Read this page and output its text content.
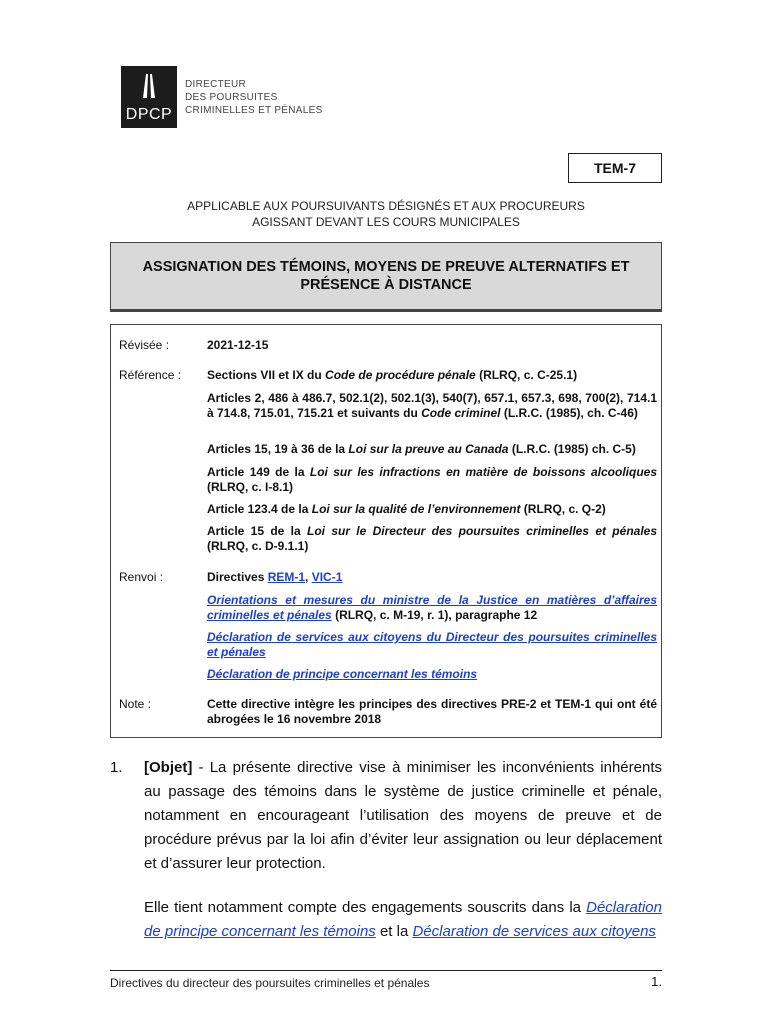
DPCP
DIRECTEUR
DES POURSUITES
CRIMINELLES ET PÉNALES
TEM-7
APPLICABLE AUX POURSUIVANTS DÉSIGNÉS ET AUX PROCUREURS
AGISSANT DEVANT LES COURS MUNICIPALES
ASSIGNATION DES TÉMOINS, MOYENS DE PREUVE ALTERNATIFS ET
PRÉSENCE À DISTANCE
Révisée :	2021-12-15
Référence :	Sections VII et IX du Code de procédure pénale (RLRQ, c. C-25.1)
Articles 2, 486 à 486.7, 502.1(2), 502.1(3), 540(7), 657.1, 657.3, 698, 700(2), 714.1 à 714.8, 715.01, 715.21 et suivants du Code criminel (L.R.C. (1985), ch. C-46)
Articles 15, 19 à 36 de la Loi sur la preuve au Canada (L.R.C. (1985) ch. C-5)
Article 149 de la Loi sur les infractions en matière de boissons alcooliques (RLRQ, c. I-8.1)
Article 123.4 de la Loi sur la qualité de l’environnement (RLRQ, c. Q-2)
Article 15 de la Loi sur le Directeur des poursuites criminelles et pénales (RLRQ, c. D-9.1.1)
Renvoi :	Directives REM-1, VIC-1
Orientations et mesures du ministre de la Justice en matières d’affaires criminelles et pénales (RLRQ, c. M-19, r. 1), paragraphe 12
Déclaration de services aux citoyens du Directeur des poursuites criminelles et pénales
Déclaration de principe concernant les témoins
Note :	Cette directive intègre les principes des directives PRE-2 et TEM-1 qui ont été abrogées le 16 novembre 2018
1. [Objet] - La présente directive vise à minimiser les inconvénients inhérents au passage des témoins dans le système de justice criminelle et pénale, notamment en encourageant l’utilisation des moyens de preuve et de procédure prévus par la loi afin d’éviter leur assignation ou leur déplacement et d’assurer leur protection.
Elle tient notamment compte des engagements souscrits dans la Déclaration de principe concernant les témoins et la Déclaration de services aux citoyens
Directives du directeur des poursuites criminelles et pénales	1.
